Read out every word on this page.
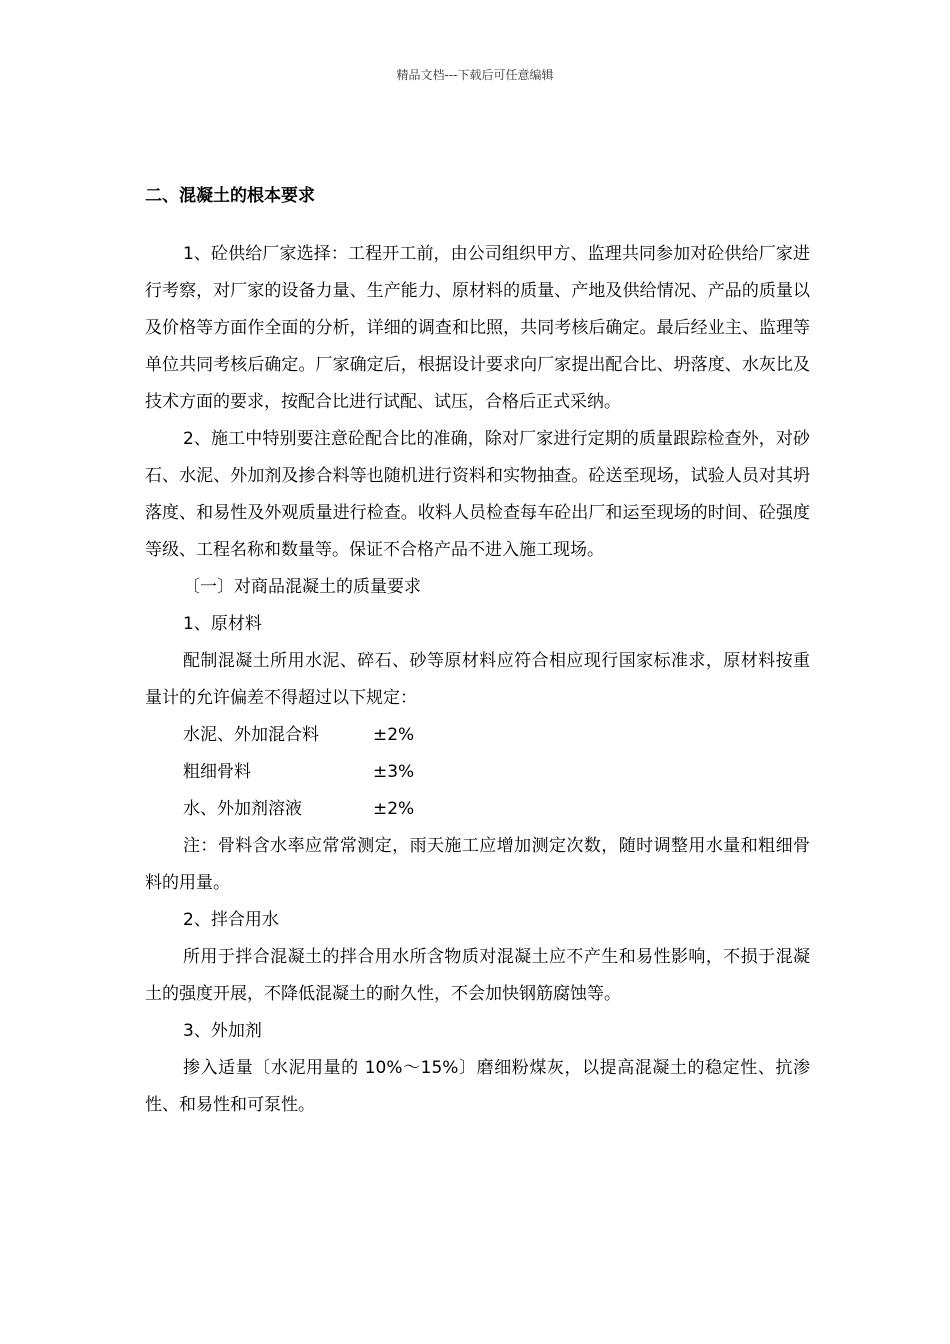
精品文档---下载后可任意编辑
二、混凝土的根本要求

1、砼供给厂家选择：工程开工前，由公司组织甲方、监理共同参加对砼供给厂家进行考察，对厂家的设备力量、生产能力、原材料的质量、产地及供给情况、产品的质量以及价格等方面作全面的分析，详细的调查和比照，共同考核后确定。最后经业主、监理等单位共同考核后确定。厂家确定后，根据设计要求向厂家提出配合比、坍落度、水灰比及技术方面的要求，按配合比进行试配、试压，合格后正式采纳。

2、施工中特别要注意砼配合比的准确，除对厂家进行定期的质量跟踪检查外，对砂石、水泥、外加剂及掺合料等也随机进行资料和实物抽查。砼送至现场，试验人员对其坍落度、和易性及外观质量进行检查。收料人员检查每车砼出厂和运至现场的时间、砼强度等级、工程名称和数量等。保证不合格产品不进入施工现场。

〔一〕对商品混凝土的质量要求

1、原材料

配制混凝土所用水泥、碎石、砂等原材料应符合相应现行国家标准求，原材料按重量计的允许偏差不得超过以下规定：

水泥、外加混合料	±2%
粗细骨料	±3%
水、外加剂溶液	±2%

注：骨料含水率应常常测定，雨天施工应增加测定次数，随时调整用水量和粗细骨料的用量。

2、拌合用水

所用于拌合混凝土的拌合用水所含物质对混凝土应不产生和易性影响，不损于混凝土的强度开展，不降低混凝土的耐久性，不会加快钢筋腐蚀等。

3、外加剂

掺入适量〔水泥用量的 10%～15%〕磨细粉煤灰，以提高混凝土的稳定性、抗渗性、和易性和可泵性。
